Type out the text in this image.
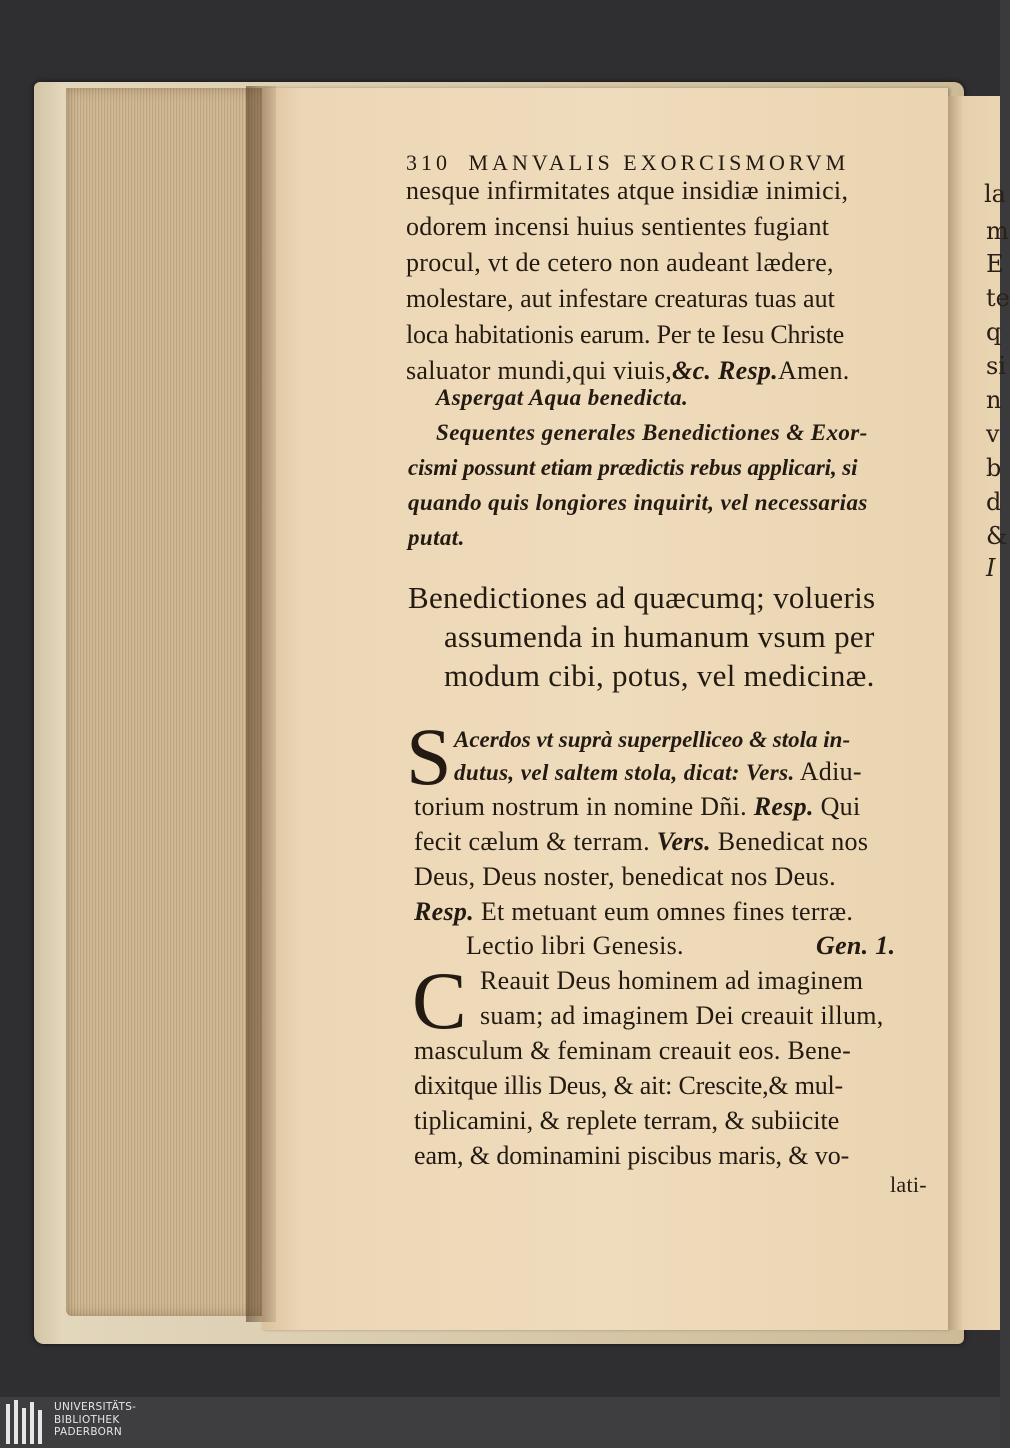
la
m
E
te
q
si
n
v
b
d
&
I
310 MANVALIS EXORCISMORVM
nesque infirmitates atque insidiæ inimici,
odorem incensi huius sentientes fugiant
procul, vt de cetero non audeant lædere,
molestare, aut infestare creaturas tuas aut
loca habitationis earum. Per te Iesu Christe
saluator mundi,qui viuis,&c. Resp.Amen.
Aspergat Aqua benedicta.
Sequentes generales Benedictiones & Exor-
cismi possunt etiam prædictis rebus applicari, si
quando quis longiores inquirit, vel necessarias
putat.
Benedictiones ad quæcumq; volueris
assumenda in humanum vsum per
modum cibi, potus, vel medicinæ.
S Acerdos vt suprà superpelliceo & stola in-
dutus, vel saltem stola, dicat: Vers. Adiu-
torium nostrum in nomine Dñi. Resp. Qui
fecit cælum & terram. Vers. Benedicat nos
Deus, Deus noster, benedicat nos Deus.
Resp. Et metuant eum omnes fines terræ.
Lectio libri Genesis.	Gen. 1.
C Reauit Deus hominem ad imaginem
suam; ad imaginem Dei creauit illum,
masculum & feminam creauit eos. Bene-
dixitque illis Deus, & ait: Crescite,& mul-
tiplicamini, & replete terram, & subiicite
eam, & dominamini piscibus maris, & vo-
lati-
UNIVERSITÄTS-
BIBLIOTHEK
PADERBORN
